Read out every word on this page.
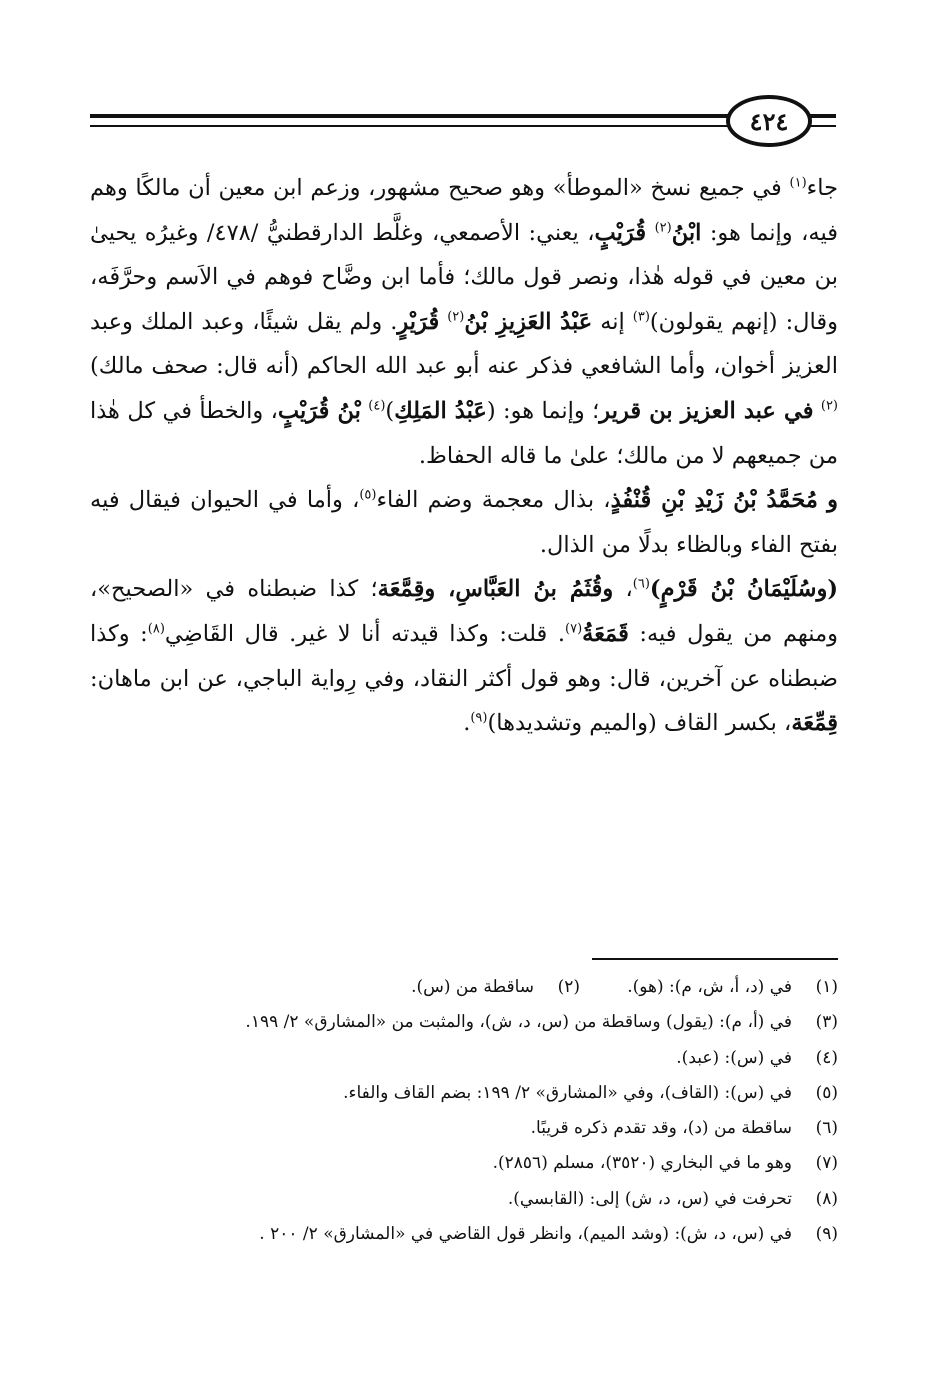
٤٢٤

جاء$^{(١)}$ في جميع نسخ «الموطأ» وهو صحيح مشهور، وزعم ابن معين أن مالكًا وهم فيه، وإنما هو: ابْنُ$^{(٢)}$ قُرَيْبٍ، يعني: الأصمعي، وغلَّط الدارقطنيُّ /٤٧٨/ وغيرُه يحيىٰ بن معين في قوله هٰذا، ونصر قول مالك؛ فأما ابن وضَّاح فوهم في الاَسم وحرَّفَه، وقال: (إنهم يقولون)$^{(٣)}$ إنه عَبْدُ العَزِيزِ بْنُ$^{(٢)}$ قُرَيْرٍ. ولم يقل شيئًا، وعبد الملك وعبد العزيز أخوان، وأما الشافعي فذكر عنه أبو عبد الله الحاكم (أنه قال: صحف مالك)$^{(٢)}$ في عبد العزيز بن قرير؛ وإنما هو: (عَبْدُ المَلِكِ)$^{(٤)}$ بْنُ قُرَيْبٍ، والخطأ في كل هٰذا من جميعهم لا من مالك؛ علىٰ ما قاله الحفاظ.

و مُحَمَّدُ بْنُ زَيْدِ بْنِ قُنْفُذٍ، بذال معجمة وضم الفاء$^{(٥)}$، وأما في الحيوان فيقال فيه بفتح الفاء وبالظاء بدلًا من الذال.

(وسُلَيْمَانُ بْنُ قَرْمٍ)$^{(٦)}$، وقُثَمُ بنُ العَبَّاسِ، وقِمَّعَة؛ كذا ضبطناه في «الصحيح»، ومنهم من يقول فيه: قَمَعَةُ$^{(٧)}$. قلت: وكذا قيدته أنا لا غير. قال القَاضِي$^{(٨)}$: وكذا ضبطناه عن آخرين، قال: وهو قول أكثر النقاد، وفي رِواية الباجي، عن ابن ماهان: قِمِّعَة، بكسر القاف (والميم وتشديدها)$^{(٩)}$.

(١)
في (د، أ، ش، م): (هو).
(٢)
ساقطة من (س).
(٣)
في (أ، م): (يقول) وساقطة من (س، د، ش)، والمثبت من «المشارق» ٢/ ١٩٩.
(٤)
في (س): (عبد).
(٥)
في (س): (القاف)، وفي «المشارق» ٢/ ١٩٩: بضم القاف والفاء.
(٦)
ساقطة من (د)، وقد تقدم ذكره قريبًا.
(٧)
وهو ما في البخاري (٣٥٢٠)، مسلم (٢٨٥٦).
(٨)
تحرفت في (س، د، ش) إلى: (القابسي).
(٩)
في (س، د، ش): (وشد الميم)، وانظر قول القاضي في «المشارق» ٢/ ٢٠٠ .
